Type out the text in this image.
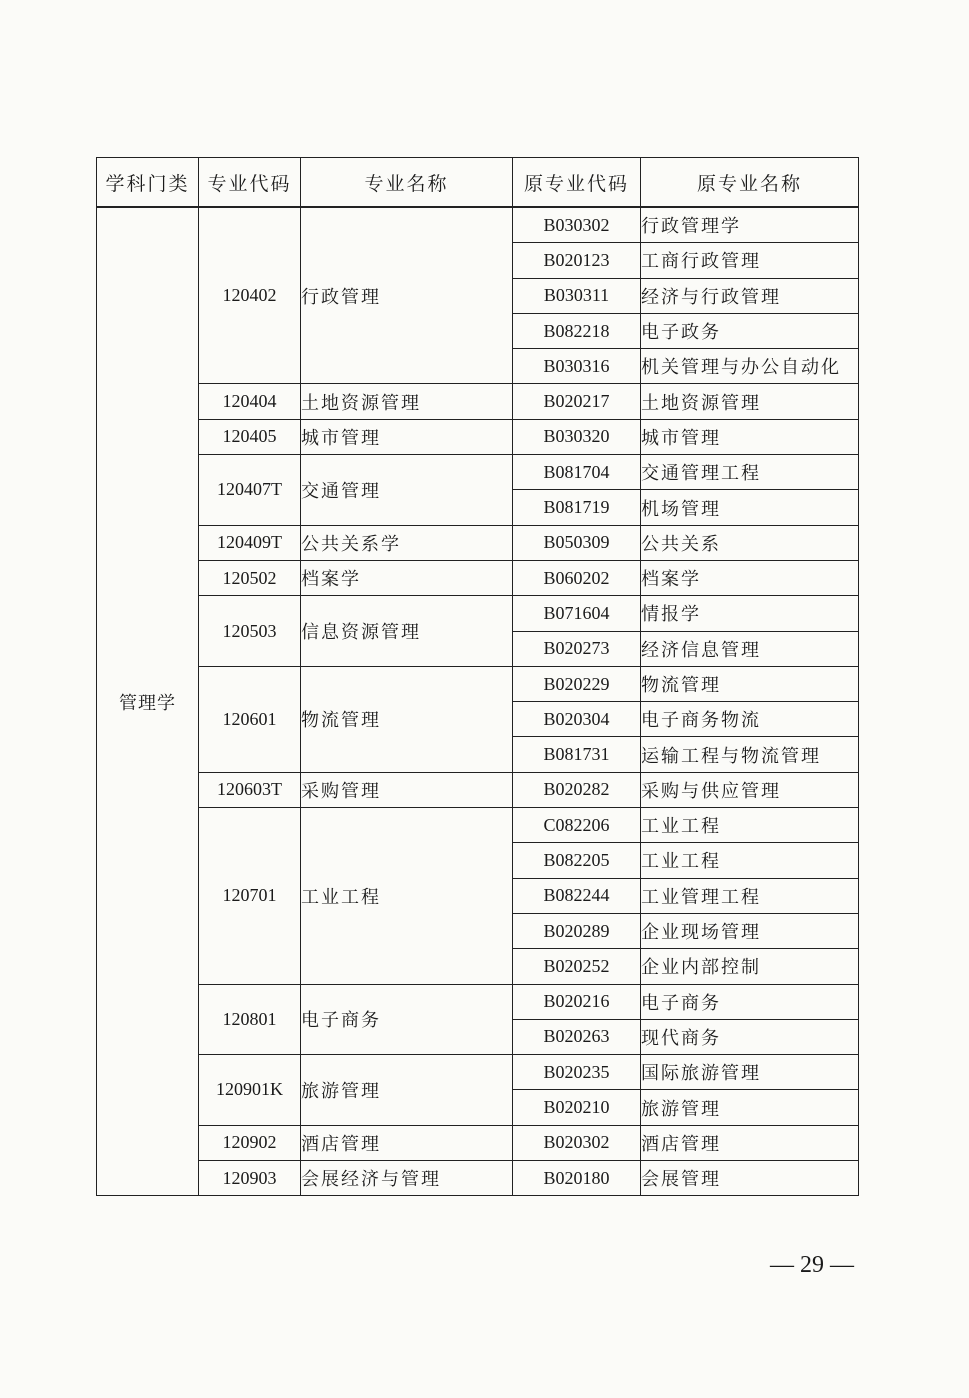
学科门类	专业代码	专业名称	原专业代码	原专业名称
管理学	120402	行政管理	B030302	行政管理学
			B020123	工商行政管理
			B030311	经济与行政管理
			B082218	电子政务
			B030316	机关管理与办公自动化
	120404	土地资源管理	B020217	土地资源管理
	120405	城市管理	B030320	城市管理
	120407T	交通管理	B081704	交通管理工程
			B081719	机场管理
	120409T	公共关系学	B050309	公共关系
	120502	档案学	B060202	档案学
	120503	信息资源管理	B071604	情报学
			B020273	经济信息管理
	120601	物流管理	B020229	物流管理
			B020304	电子商务物流
			B081731	运输工程与物流管理
	120603T	采购管理	B020282	采购与供应管理
	120701	工业工程	C082206	工业工程
			B082205	工业工程
			B082244	工业管理工程
			B020289	企业现场管理
			B020252	企业内部控制
	120801	电子商务	B020216	电子商务
			B020263	现代商务
	120901K	旅游管理	B020235	国际旅游管理
			B020210	旅游管理
	120902	酒店管理	B020302	酒店管理
	120903	会展经济与管理	B020180	会展管理
— 29 —
